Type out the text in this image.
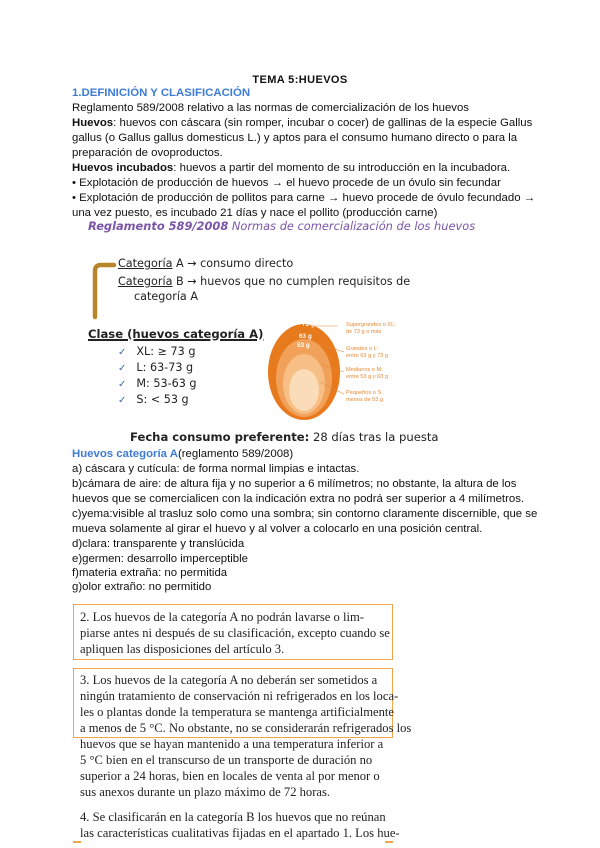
TEMA 5:HUEVOS
1.DEFINICIÓN Y CLASIFICACIÓN
Reglamento 589/2008 relativo a las normas de comercialización de los huevos
Huevos: huevos con cáscara (sin romper, incubar o cocer) de gallinas de la especie Gallus
gallus (o Gallus gallus domesticus L.) y aptos para el consumo humano directo o para la
preparación de ovoproductos.
Huevos incubados: huevos a partir del momento de su introducción en la incubadora.
• Explotación de producción de huevos → el huevo procede de un óvulo sin fecundar
• Explotación de producción de pollitos para carne → huevo procede de óvulo fecundado →
una vez puesto, es incubado 21 días y nace el pollito (producción carne)
Reglamento 589/2008 Normas de comercialización de los huevos
Categoría A → consumo directo
Categoría B → huevos que no cumplen requisitos de
categoría A
Clase (huevos categoría A)
✓ XL: ≥ 73 g
✓ L: 63-73 g
✓ M: 53-63 g
✓ S: < 53 g
73 g
63 g
53 g
Supergrandes o XL:
de 73 g o más
Grandes o L:
entre 63 g y 73 g
Medianos o M:
entre 53 g y 63 g
Pequeños o S:
menos de 53 g
Fecha consumo preferente: 28 días tras la puesta
Huevos categoría A(reglamento 589/2008)
a) cáscara y cutícula: de forma normal limpias e intactas.
b)cámara de aire: de altura fija y no superior a 6 milímetros; no obstante, la altura de los
huevos que se comercialicen con la indicación extra no podrá ser superior a 4 milímetros.
c)yema:visible al trasluz solo como una sombra; sin contorno claramente discernible, que se
mueva solamente al girar el huevo y al volver a colocarlo en una posición central.
d)clara: transparente y translúcida
e)germen: desarrollo imperceptible
f)materia extraña: no permitida
g)olor extraño: no permitido
2. Los huevos de la categoría A no podrán lavarse o lim-
piarse antes ni después de su clasificación, excepto cuando se
apliquen las disposiciones del artículo 3.
3. Los huevos de la categoría A no deberán ser sometidos a
ningún tratamiento de conservación ni refrigerados en los loca-
les o plantas donde la temperatura se mantenga artificialmente
a menos de 5 °C. No obstante, no se considerarán refrigerados los
huevos que se hayan mantenido a una temperatura inferior a
5 °C bien en el transcurso de un transporte de duración no
superior a 24 horas, bien en locales de venta al por menor o
sus anexos durante un plazo máximo de 72 horas.
4. Se clasificarán en la categoría B los huevos que no reúnan
las características cualitativas fijadas en el apartado 1. Los hue-
